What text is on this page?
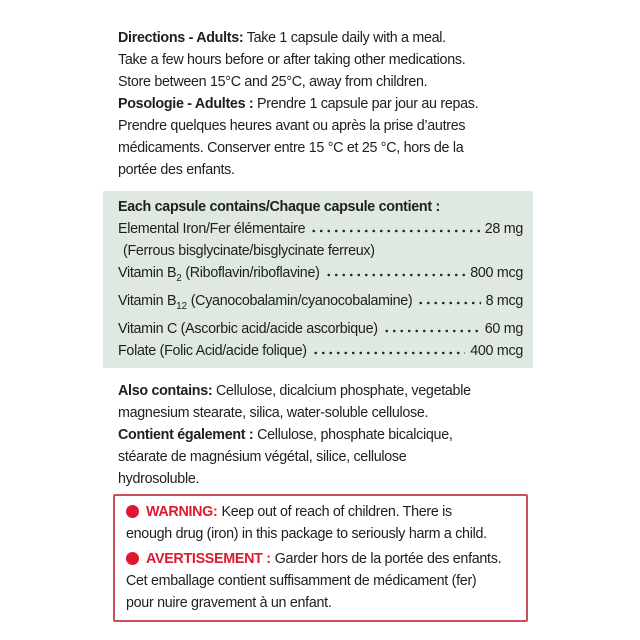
Directions - Adults: Take 1 capsule daily with a meal.
Take a few hours before or after taking other medications.
Store between 15°C and 25°C, away from children.
Posologie - Adultes : Prendre 1 capsule par jour au repas.
Prendre quelques heures avant ou après la prise d’autres
médicaments. Conserver entre 15 °C et 25 °C, hors de la
portée des enfants.
Each capsule contains/Chaque capsule contient :
Elemental Iron/Fer élémentaire	28 mg
(Ferrous bisglycinate/bisglycinate ferreux)
Vitamin $B_2$ (Riboflavin/riboflavine)	800 mcg
Vitamin $B_{12}$ (Cyanocobalamin/cyanocobalamine)	8 mcg
Vitamin C (Ascorbic acid/acide ascorbique)	60 mg
Folate (Folic Acid/acide folique)	400 mcg
Also contains: Cellulose, dicalcium phosphate, vegetable
magnesium stearate, silica, water-soluble cellulose.
Contient également : Cellulose, phosphate bicalcique,
stéarate de magnésium végétal, silice, cellulose
hydrosoluble.
WARNING: Keep out of reach of children. There is
enough drug (iron) in this package to seriously harm a child.
AVERTISSEMENT : Garder hors de la portée des enfants.
Cet emballage contient suffisamment de médicament (fer)
pour nuire gravement à un enfant.
